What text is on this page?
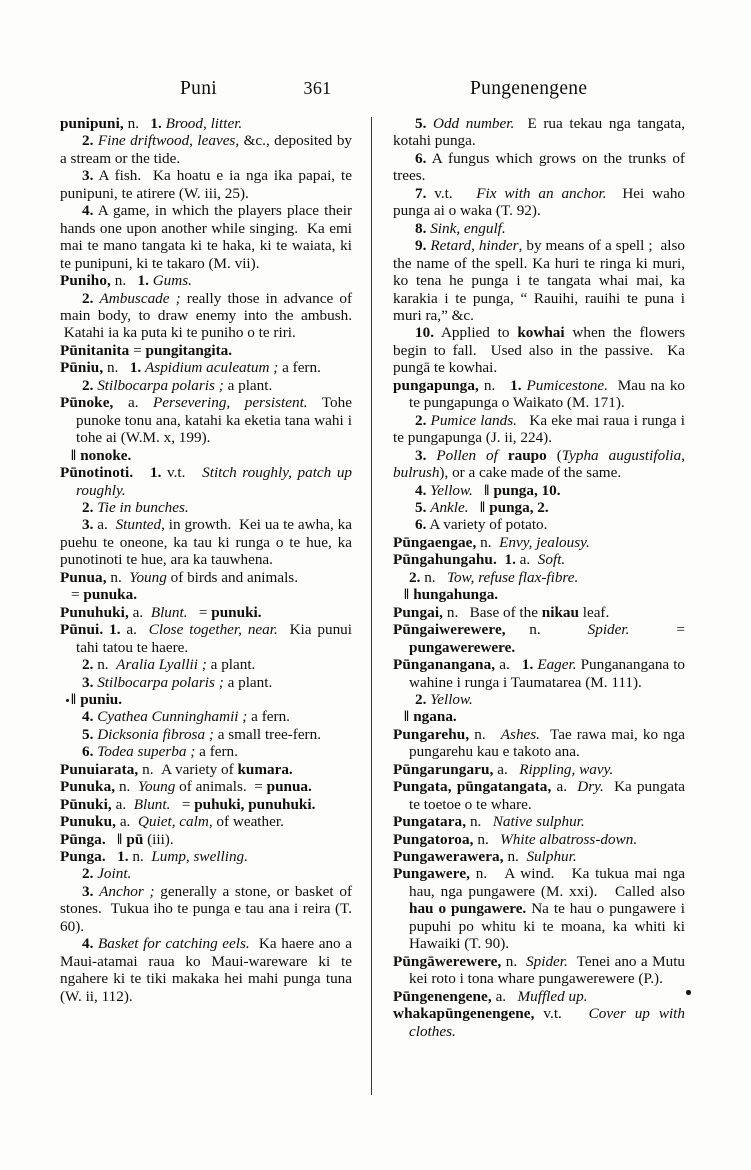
Puni	361	Pungenengene

punipuni, n.   1. Brood, litter.

2. Fine driftwood, leaves, &c., deposited by a stream or the tide.

3. A fish.  Ka hoatu e ia nga ika papai, te punipuni, te atirere (W. iii, 25).

4. A game, in which the players place their hands one upon another while singing.  Ka emi mai te mano tangata ki te haka, ki te waiata, ki te punipuni, ki te takaro (M. vii).

Puniho, n.   1. Gums.

2. Ambuscade ; really those in advance of main body, to draw enemy into the ambush.  Katahi ia ka puta ki te puniho o te riri.

Pūnitanita = pungitangita.

Pūniu, n.   1. Aspidium aculeatum ; a fern.

2. Stilbocarpa polaris ; a plant.

Pūnoke, a. Persevering, persistent. Tohe punoke tonu ana, katahi ka eketia tana wahi i tohe ai (W.M. x, 199).

‖ nonoke.

Pūnotinoti. 1. v.t.   Stitch roughly, patch up roughly.

2. Tie in bunches.

3. a.  Stunted, in growth.  Kei ua te awha, ka puehu te oneone, ka tau ki runga o te hue, ka punotinoti te hue, ara ka tauwhena.

Punua, n.  Young of birds and animals.

= punuka.

Punuhuki, a.  Blunt.   = punuki.

Pūnui. 1. a.  Close together, near.  Kia punui tahi tatou te haere.

2. n.  Aralia Lyallii ; a plant.

3. Stilbocarpa polaris ; a plant.

‖ puniu.

4. Cyathea Cunninghamii ; a fern.

5. Dicksonia fibrosa ; a small tree-fern.

6. Todea superba ; a fern.

Punuiarata, n.  A variety of kumara.

Punuka, n.  Young of animals.  = punua.

Pūnuki, a.  Blunt.   = puhuki, punuhuki.

Punuku, a.  Quiet, calm, of weather.

Pūnga. ‖ pū (iii).

Punga. 1. n.  Lump, swelling.

2. Joint.

3. Anchor ; generally a stone, or basket of stones.  Tukua iho te punga e tau ana i reira (T. 60).

4. Basket for catching eels.  Ka haere ano a Maui-atamai raua ko Maui-wareware ki te ngahere ki te tiki makaka hei mahi punga tuna (W. ii, 112).

5. Odd number.  E rua tekau nga tangata, kotahi punga.

6. A fungus which grows on the trunks of trees.

7. v.t.   Fix with an anchor.  Hei waho punga ai o waka (T. 92).

8. Sink, engulf.

9. Retard, hinder, by means of a spell ;  also the name of the spell. Ka huri te ringa ki muri, ko tena he punga i te tangata whai mai, ka karakia i te punga, “ Rauihi, rauihi te puna i muri ra,” &c.

10. Applied to kowhai when the flowers begin to fall.  Used also in the passive.  Ka pungā te kowhai.

pungapunga, n.   1. Pumicestone.  Mau na ko te pungapunga o Waikato (M. 171).

2. Pumice lands.   Ka eke mai raua i runga i te pungapunga (J. ii, 224).

3. Pollen of raupo (Typha augustifolia, bulrush), or a cake made of the same.

4. Yellow. ‖ punga, 10.

5. Ankle. ‖ punga, 2.

6. A variety of potato.

Pūngaengae, n.  Envy, jealousy.

Pūngahungahu. 1. a.  Soft.

2. n.   Tow, refuse flax-fibre.

‖ hungahunga.

Pungai, n.   Base of the nikau leaf.

Pūngaiwerewere, n.  Spider.  = pungawerewere.

Pūnganangana, a.   1. Eager. Punganangana to wahine i runga i Taumatarea (M. 111).

2. Yellow.

‖ ngana.

Pungarehu, n.   Ashes.  Tae rawa mai, ko nga pungarehu kau e takoto ana.

Pūngarungaru, a.   Rippling, wavy.

Pungata, pūngatangata, a.  Dry.  Ka pungata te toetoe o te whare.

Pungatara, n.   Native sulphur.

Pungatoroa, n.   White albatross-down.

Pungawerawera, n.  Sulphur.

Pungawere, n.   A wind.   Ka tukua mai nga hau, nga pungawere (M. xxi).   Called also hau o pungawere. Na te hau o pungawere i pupuhi po whitu ki te moana, ka whiti ki Hawaiki (T. 90).

Pūngāwerewere, n.  Spider.  Tenei ano a Mutu kei roto i tona whare pungawerewere (P.).

Pūngenengene, a.   Muffled up.

whakapūngenengene, v.t.   Cover up with clothes.
